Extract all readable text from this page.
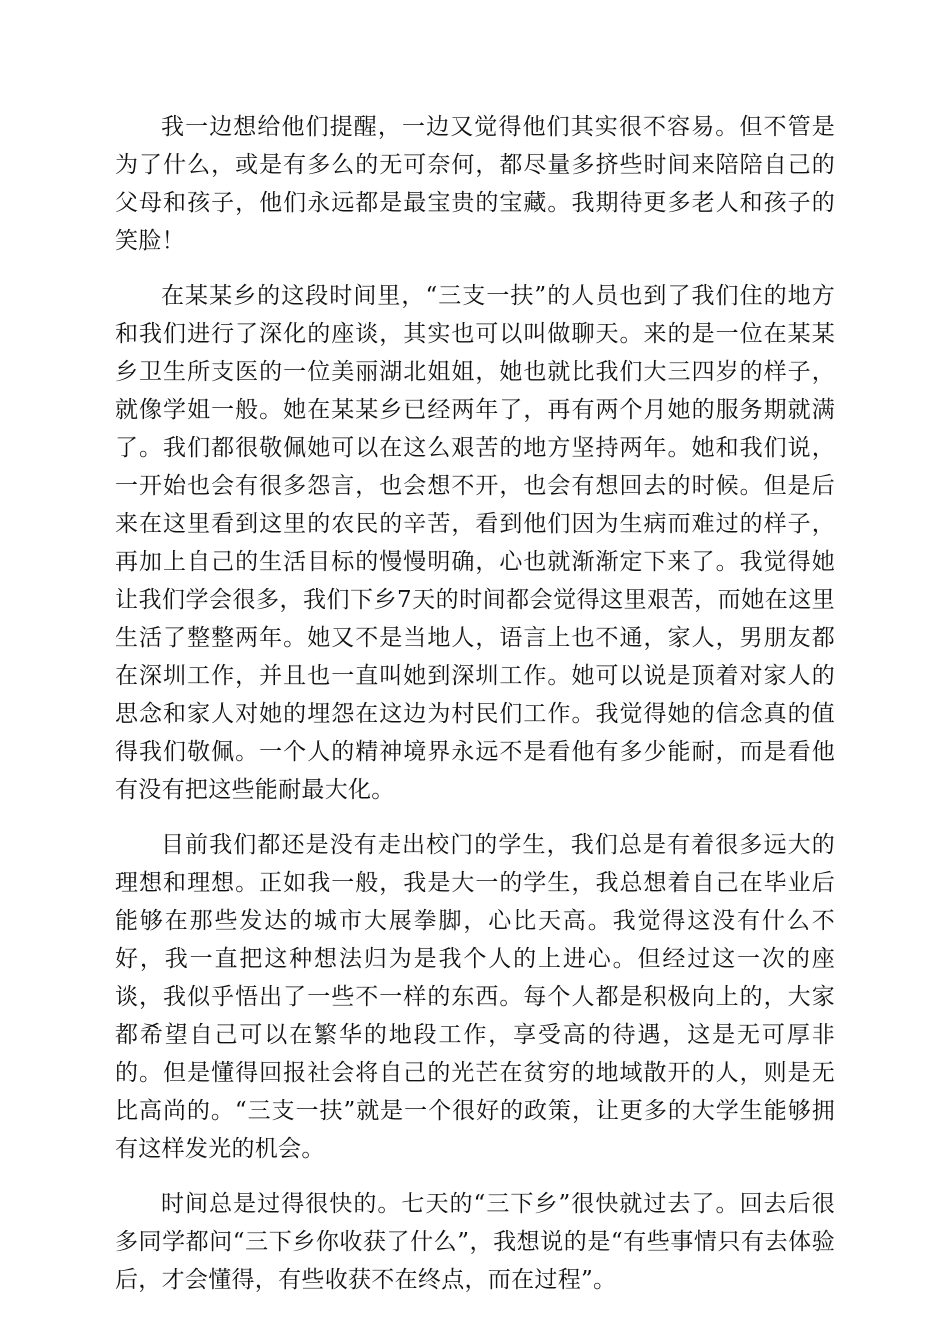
我一边想给他们提醒，一边又觉得他们其实很不容易。但不管是为了什么，或是有多么的无可奈何，都尽量多挤些时间来陪陪自己的父母和孩子，他们永远都是最宝贵的宝藏。我期待更多老人和孩子的笑脸！

在某某乡的这段时间里，“三支一扶”的人员也到了我们住的地方和我们进行了深化的座谈，其实也可以叫做聊天。来的是一位在某某乡卫生所支医的一位美丽湖北姐姐，她也就比我们大三四岁的样子，就像学姐一般。她在某某乡已经两年了，再有两个月她的服务期就满了。我们都很敬佩她可以在这么艰苦的地方坚持两年。她和我们说，一开始也会有很多怨言，也会想不开，也会有想回去的时候。但是后来在这里看到这里的农民的辛苦，看到他们因为生病而难过的样子，再加上自己的生活目标的慢慢明确，心也就渐渐定下来了。我觉得她让我们学会很多，我们下乡7天的时间都会觉得这里艰苦，而她在这里生活了整整两年。她又不是当地人，语言上也不通，家人，男朋友都在深圳工作，并且也一直叫她到深圳工作。她可以说是顶着对家人的思念和家人对她的埋怨在这边为村民们工作。我觉得她的信念真的值得我们敬佩。一个人的精神境界永远不是看他有多少能耐，而是看他有没有把这些能耐最大化。

目前我们都还是没有走出校门的学生，我们总是有着很多远大的理想和理想。正如我一般，我是大一的学生，我总想着自己在毕业后能够在那些发达的城市大展拳脚，心比天高。我觉得这没有什么不好，我一直把这种想法归为是我个人的上进心。但经过这一次的座谈，我似乎悟出了一些不一样的东西。每个人都是积极向上的，大家都希望自己可以在繁华的地段工作，享受高的待遇，这是无可厚非的。但是懂得回报社会将自己的光芒在贫穷的地域散开的人，则是无比高尚的。“三支一扶”就是一个很好的政策，让更多的大学生能够拥有这样发光的机会。

时间总是过得很快的。七天的“三下乡”很快就过去了。回去后很多同学都问“三下乡你收获了什么”，我想说的是“有些事情只有去体验后，才会懂得，有些收获不在终点，而在过程”。
